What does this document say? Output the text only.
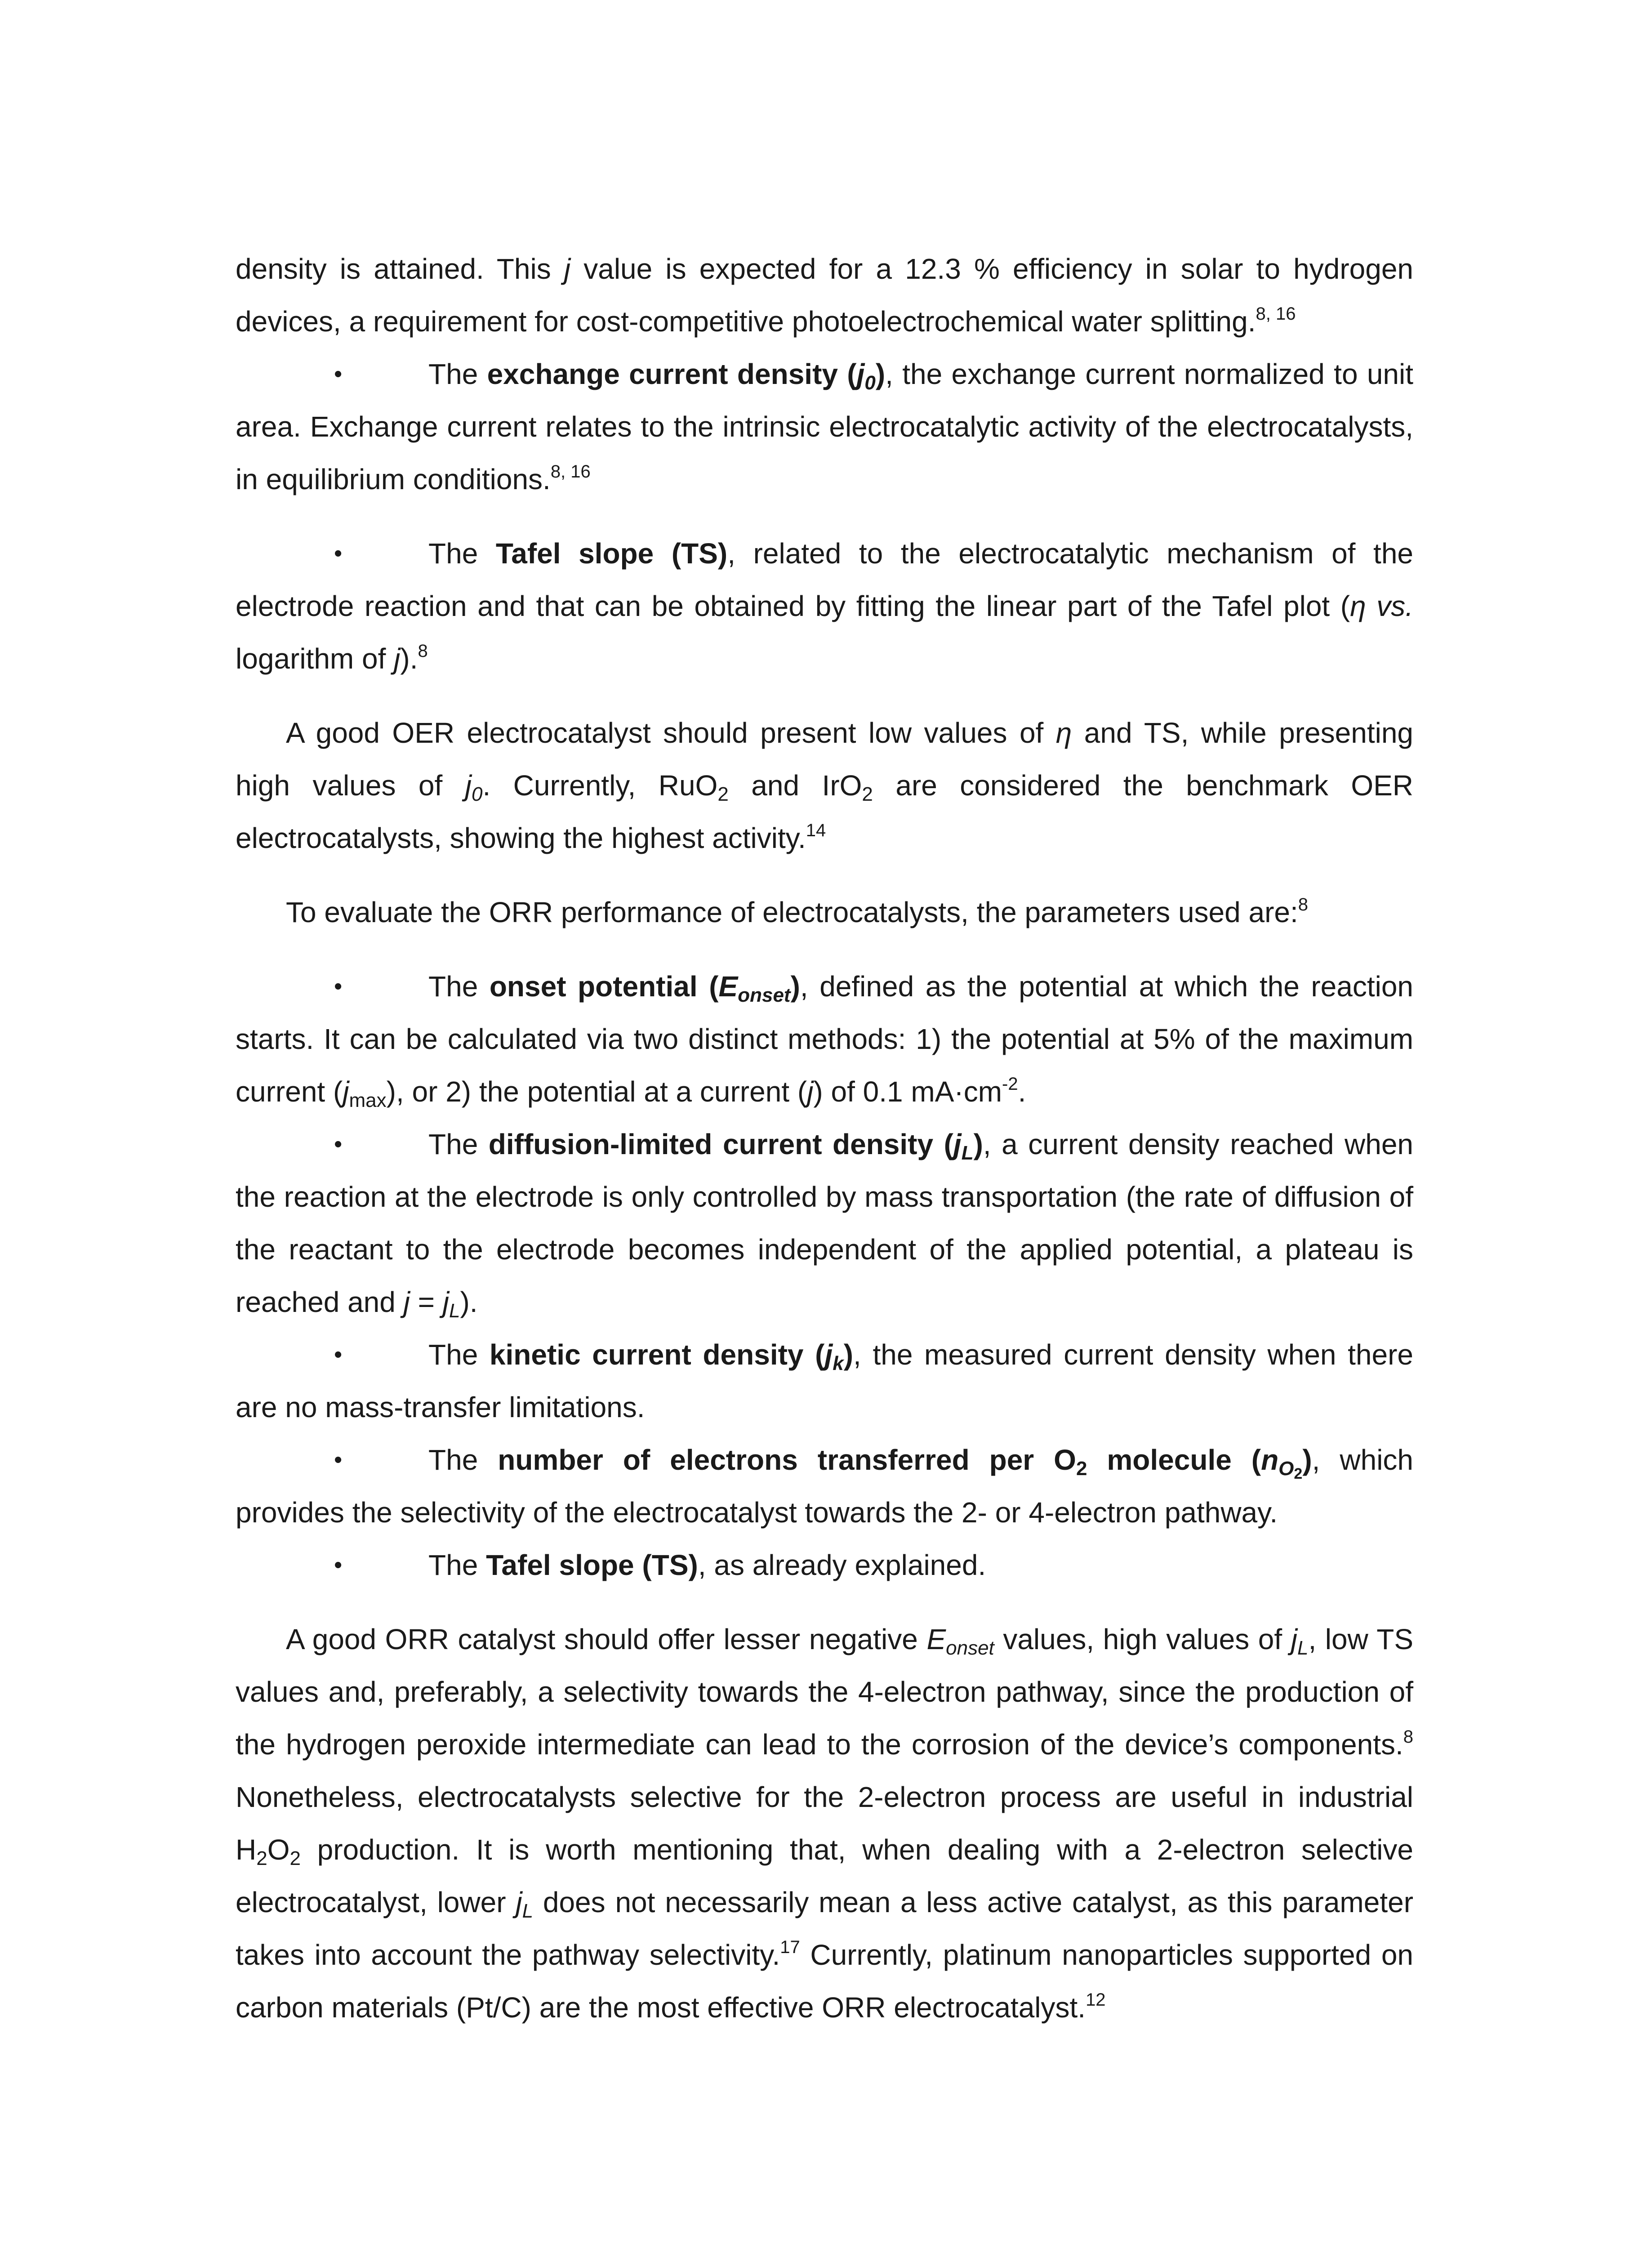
density is attained. This j value is expected for a 12.3 % efficiency in solar to hydrogen devices, a requirement for cost-competitive photoelectrochemical water splitting.$^{8, 16}$

•	The exchange current density $(j_0)$, the exchange current normalized to unit area. Exchange current relates to the intrinsic electrocatalytic activity of the electrocatalysts, in equilibrium conditions.$^{8, 16}$

•	The Tafel slope (TS), related to the electrocatalytic mechanism of the electrode reaction and that can be obtained by fitting the linear part of the Tafel plot (η vs. logarithm of j).$^8$

A good OER electrocatalyst should present low values of η and TS, while presenting high values of $j_0$. Currently, RuO$_2$ and IrO$_2$ are considered the benchmark OER electrocatalysts, showing the highest activity.$^{14}$

To evaluate the ORR performance of electrocatalysts, the parameters used are:$^8$

•	The onset potential $(E_{onset})$, defined as the potential at which the reaction starts. It can be calculated via two distinct methods: 1) the potential at 5% of the maximum current $(j_{max})$, or 2) the potential at a current (j) of 0.1 $mA\cdot cm^{-2}$.

•	The diffusion-limited current density $(j_L)$, a current density reached when the reaction at the electrode is only controlled by mass transportation (the rate of diffusion of the reactant to the electrode becomes independent of the applied potential, a plateau is reached and $j = j_L$).

•	The kinetic current density $(j_k)$, the measured current density when there are no mass-transfer limitations.

•	The number of electrons transferred per $O_2$ molecule $(n_{O_2})$, which provides the selectivity of the electrocatalyst towards the 2- or 4-electron pathway.

•	The Tafel slope (TS), as already explained.

A good ORR catalyst should offer lesser negative $E_{onset}$ values, high values of $j_L$, low TS values and, preferably, a selectivity towards the 4-electron pathway, since the production of the hydrogen peroxide intermediate can lead to the corrosion of the device’s components.$^8$ Nonetheless, electrocatalysts selective for the 2-electron process are useful in industrial $H_2O_2$ production. It is worth mentioning that, when dealing with a 2-electron selective electrocatalyst, lower $j_L$ does not necessarily mean a less active catalyst, as this parameter takes into account the pathway selectivity.$^{17}$ Currently, platinum nanoparticles supported on carbon materials (Pt/C) are the most effective ORR electrocatalyst.$^{12}$
